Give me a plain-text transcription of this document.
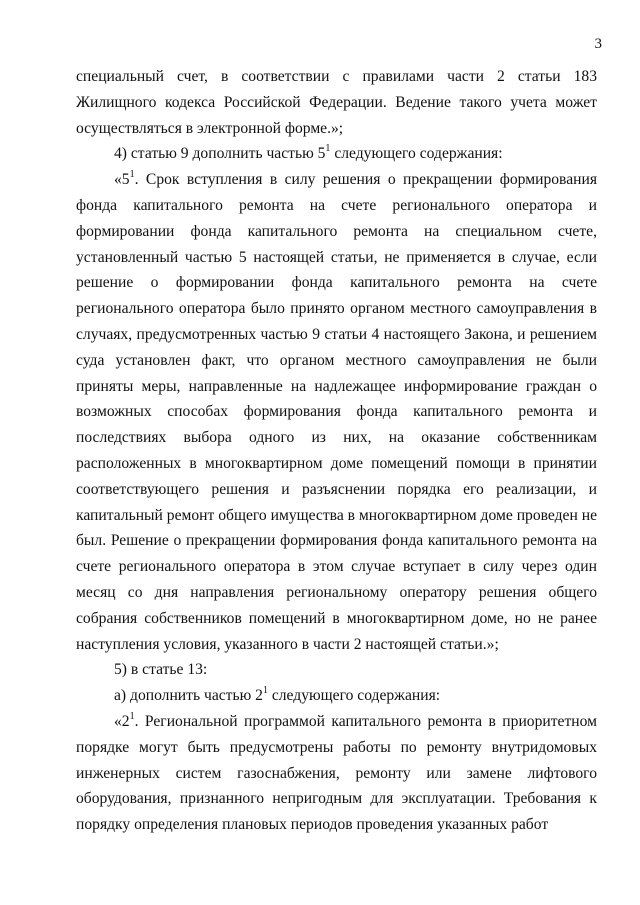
3

специальный счет, в соответствии с правилами части 2 статьи 183 Жилищного кодекса Российской Федерации. Ведение такого учета может осуществляться в электронной форме.»;

4) статью 9 дополнить частью $5^1$ следующего содержания:

«$5^1$. Срок вступления в силу решения о прекращении формирования фонда капитального ремонта на счете регионального оператора и формировании фонда капитального ремонта на специальном счете, установленный частью 5 настоящей статьи, не применяется в случае, если решение о формировании фонда капитального ремонта на счете регионального оператора было принято органом местного самоуправления в случаях, предусмотренных частью 9 статьи 4 настоящего Закона, и решением суда установлен факт, что органом местного самоуправления не были приняты меры, направленные на надлежащее информирование граждан о возможных способах формирования фонда капитального ремонта и последствиях выбора одного из них, на оказание собственникам расположенных в многоквартирном доме помещений помощи в принятии соответствующего решения и разъяснении порядка его реализации, и капитальный ремонт общего имущества в многоквартирном доме проведен не был. Решение о прекращении формирования фонда капитального ремонта на счете регионального оператора в этом случае вступает в силу через один месяц со дня направления региональному оператору решения общего собрания собственников помещений в многоквартирном доме, но не ранее наступления условия, указанного в части 2 настоящей статьи.»;

5) в статье 13:

а) дополнить частью $2^1$ следующего содержания:

«$2^1$. Региональной программой капитального ремонта в приоритетном порядке могут быть предусмотрены работы по ремонту внутридомовых инженерных систем газоснабжения, ремонту или замене лифтового оборудования, признанного непригодным для эксплуатации. Требования к порядку определения плановых периодов проведения указанных работ
